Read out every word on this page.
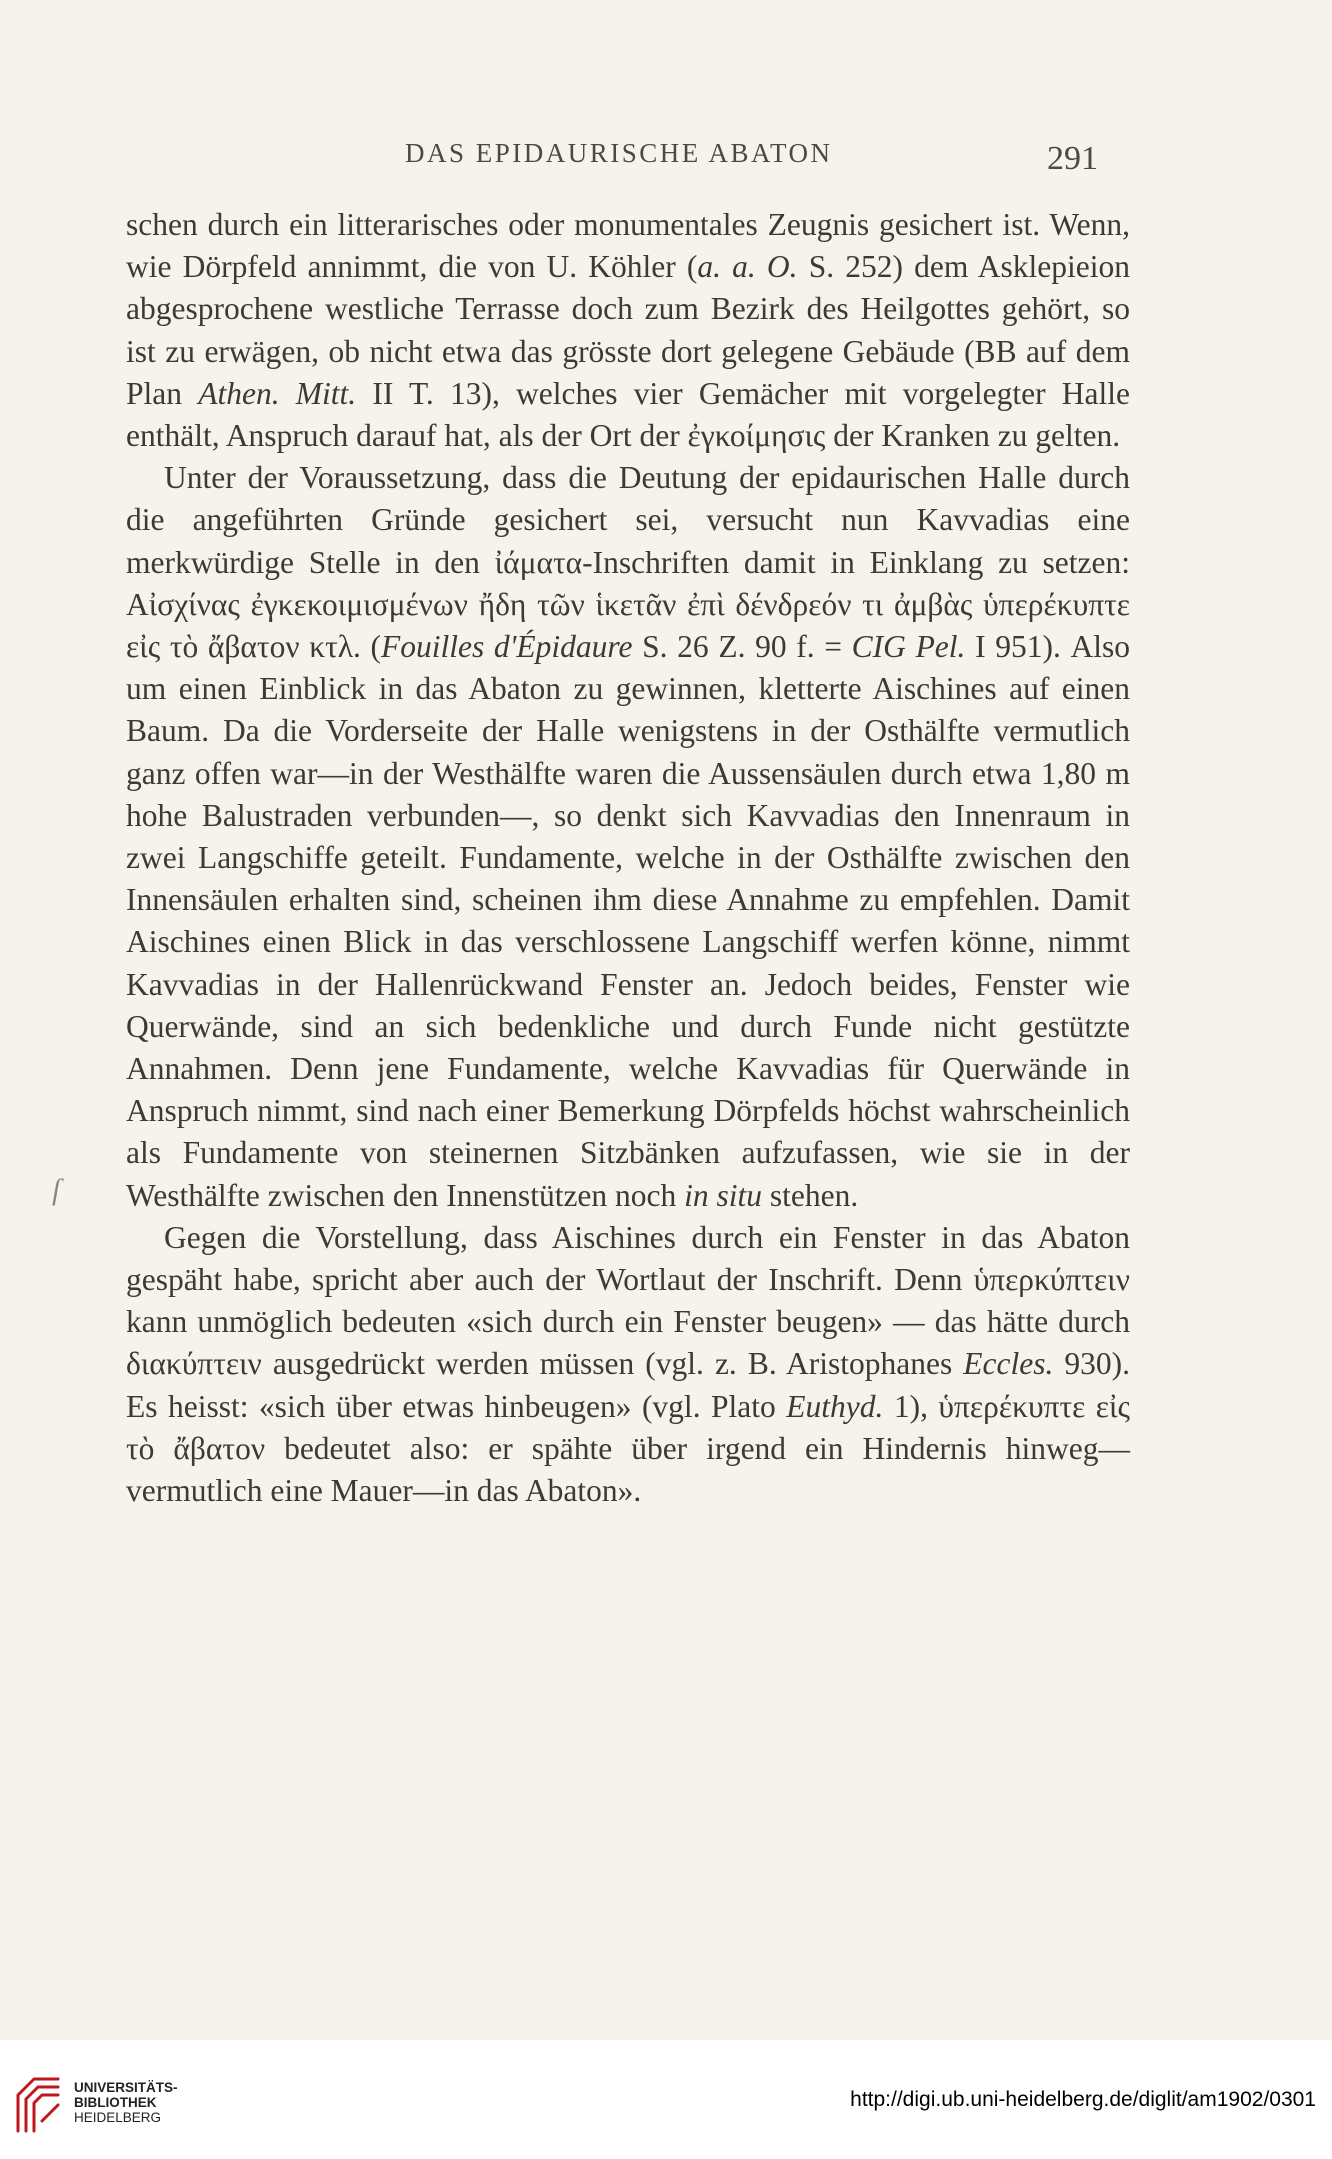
DAS EPIDAURISCHE ABATON	291
ſ

schen durch ein litterarisches oder monumentales Zeugnis gesichert ist. Wenn, wie Dörpfeld annimmt, die von U. Köhler (a. a. O. S. 252) dem Asklepieion abgesprochene westliche Terrasse doch zum Bezirk des Heilgottes gehört, so ist zu erwägen, ob nicht etwa das grösste dort gelegene Gebäude (BB auf dem Plan Athen. Mitt. II T. 13), welches vier Gemächer mit vorgelegter Halle enthält, Anspruch darauf hat, als der Ort der ἐγκοίμησις der Kranken zu gelten.

Unter der Voraussetzung, dass die Deutung der epidaurischen Halle durch die angeführten Gründe gesichert sei, versucht nun Kavvadias eine merkwürdige Stelle in den ἰάματα-Inschriften damit in Einklang zu setzen: Αἰσχίνας ἐγκεκοιμισμένων ἤδη τῶν ἱκετᾶν ἐπὶ δένδρεόν τι ἀμβὰς ὑπερέκυπτε εἰς τὸ ἄβατον κτλ. (Fouilles d'Épidaure S. 26 Z. 90 f. = CIG Pel. I 951). Also um einen Einblick in das Abaton zu gewinnen, kletterte Aischines auf einen Baum. Da die Vorderseite der Halle wenigstens in der Osthälfte vermutlich ganz offen war—in der Westhälfte waren die Aussensäulen durch etwa 1,80 m hohe Balustraden verbunden—, so denkt sich Kavvadias den Innenraum in zwei Langschiffe geteilt. Fundamente, welche in der Osthälfte zwischen den Innensäulen erhalten sind, scheinen ihm diese Annahme zu empfehlen. Damit Aischines einen Blick in das verschlossene Langschiff werfen könne, nimmt Kavvadias in der Hallenrückwand Fenster an. Jedoch beides, Fenster wie Querwände, sind an sich bedenkliche und durch Funde nicht gestützte Annahmen. Denn jene Fundamente, welche Kavvadias für Querwände in Anspruch nimmt, sind nach einer Bemerkung Dörpfelds höchst wahrscheinlich als Fundamente von steinernen Sitzbänken aufzufassen, wie sie in der Westhälfte zwischen den Innenstützen noch in situ stehen.

Gegen die Vorstellung, dass Aischines durch ein Fenster in das Abaton gespäht habe, spricht aber auch der Wortlaut der Inschrift. Denn ὑπερκύπτειν kann unmöglich bedeuten «sich durch ein Fenster beugen» — das hätte durch διακύπτειν ausgedrückt werden müssen (vgl. z. B. Aristophanes Eccles. 930). Es heisst: «sich über etwas hinbeugen» (vgl. Plato Euthyd. 1), ὑπερέκυπτε εἰς τὸ ἄβατον bedeutet also: er spähte über irgend ein Hindernis hinweg—vermutlich eine Mauer—in das Abaton».

UNIVERSITÄTS-
BIBLIOTHEK
HEIDELBERG
http://digi.ub.uni-heidelberg.de/diglit/am1902/0301
